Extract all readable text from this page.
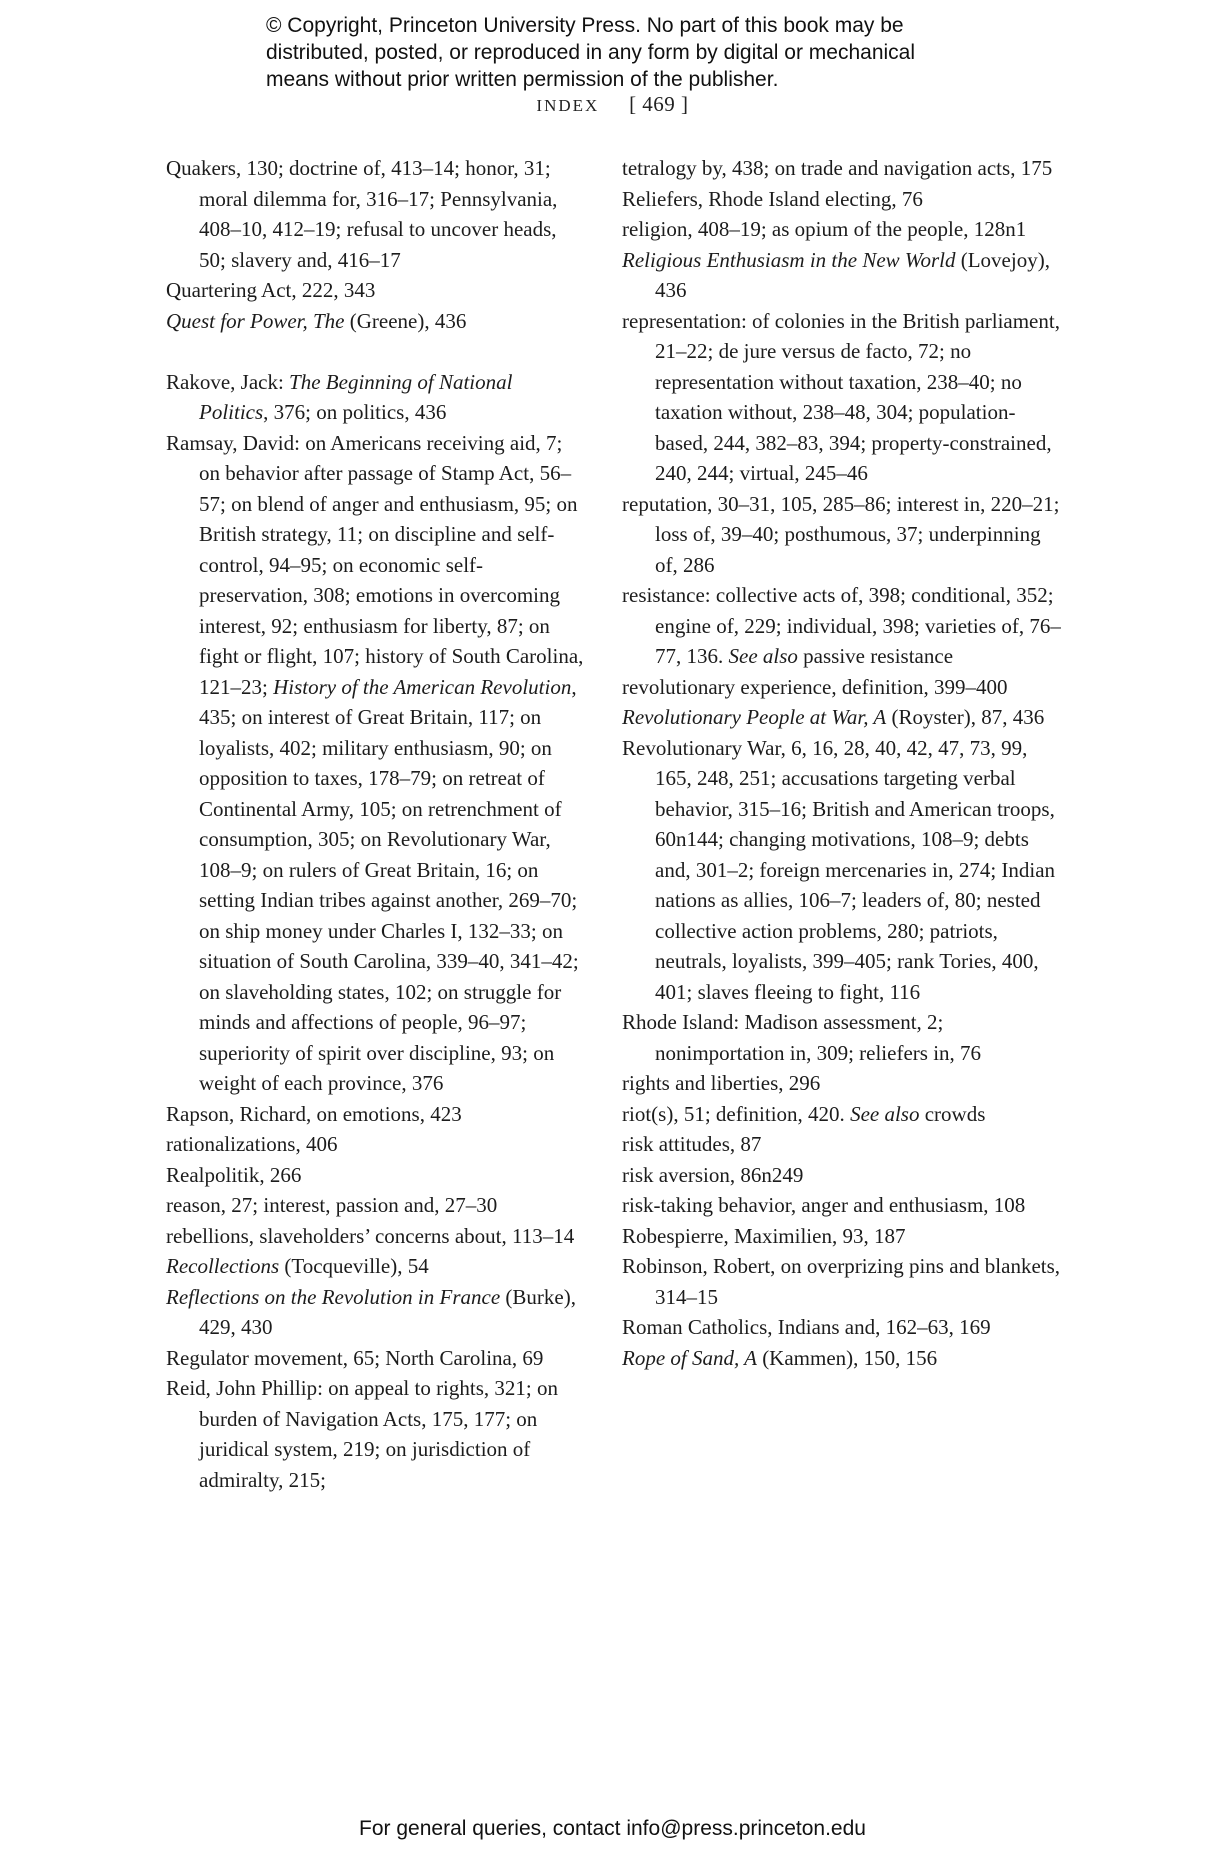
© Copyright, Princeton University Press. No part of this book may be
distributed, posted, or reproduced in any form by digital or mechanical
means without prior written permission of the publisher.
INDEX [ 469 ]

Quakers, 130; doctrine of, 413–14; honor, 31; moral dilemma for, 316–17; Pennsylvania, 408–10, 412–19; refusal to uncover heads, 50; slavery and, 416–17

Quartering Act, 222, 343

Quest for Power, The (Greene), 436

Rakove, Jack: The Beginning of National Politics, 376; on politics, 436

Ramsay, David: on Americans receiving aid, 7; on behavior after passage of Stamp Act, 56–57; on blend of anger and enthusiasm, 95; on British strategy, 11; on discipline and self-control, 94–95; on economic self-preservation, 308; emotions in overcoming interest, 92; enthusiasm for liberty, 87; on fight or flight, 107; history of South Carolina, 121–23; History of the American Revolution, 435; on interest of Great Britain, 117; on loyalists, 402; military enthusiasm, 90; on opposition to taxes, 178–79; on retreat of Continental Army, 105; on retrenchment of consumption, 305; on Revolutionary War, 108–9; on rulers of Great Britain, 16; on setting Indian tribes against another, 269–70; on ship money under Charles I, 132–33; on situation of South Carolina, 339–40, 341–42; on slaveholding states, 102; on struggle for minds and affections of people, 96–97; superiority of spirit over discipline, 93; on weight of each province, 376

Rapson, Richard, on emotions, 423

rationalizations, 406

Realpolitik, 266

reason, 27; interest, passion and, 27–30

rebellions, slaveholders’ concerns about, 113–14

Recollections (Tocqueville), 54

Reflections on the Revolution in France (Burke), 429, 430

Regulator movement, 65; North Carolina, 69

Reid, John Phillip: on appeal to rights, 321; on burden of Navigation Acts, 175, 177; on juridical system, 219; on jurisdiction of admiralty, 215;

tetralogy by, 438; on trade and navigation acts, 175

Reliefers, Rhode Island electing, 76

religion, 408–19; as opium of the people, 128n1

Religious Enthusiasm in the New World (Lovejoy), 436

representation: of colonies in the British parliament, 21–22; de jure versus de facto, 72; no representation without taxation, 238–40; no taxation without, 238–48, 304; population-based, 244, 382–83, 394; property-constrained, 240, 244; virtual, 245–46

reputation, 30–31, 105, 285–86; interest in, 220–21; loss of, 39–40; posthumous, 37; underpinning of, 286

resistance: collective acts of, 398; conditional, 352; engine of, 229; individual, 398; varieties of, 76–77, 136. See also passive resistance

revolutionary experience, definition, 399–400

Revolutionary People at War, A (Royster), 87, 436

Revolutionary War, 6, 16, 28, 40, 42, 47, 73, 99, 165, 248, 251; accusations targeting verbal behavior, 315–16; British and American troops, 60n144; changing motivations, 108–9; debts and, 301–2; foreign mercenaries in, 274; Indian nations as allies, 106–7; leaders of, 80; nested collective action problems, 280; patriots, neutrals, loyalists, 399–405; rank Tories, 400, 401; slaves fleeing to fight, 116

Rhode Island: Madison assessment, 2; nonimportation in, 309; reliefers in, 76

rights and liberties, 296

riot(s), 51; definition, 420. See also crowds

risk attitudes, 87

risk aversion, 86n249

risk-taking behavior, anger and enthusiasm, 108

Robespierre, Maximilien, 93, 187

Robinson, Robert, on overprizing pins and blankets, 314–15

Roman Catholics, Indians and, 162–63, 169

Rope of Sand, A (Kammen), 150, 156

For general queries, contact info@press.princeton.edu
